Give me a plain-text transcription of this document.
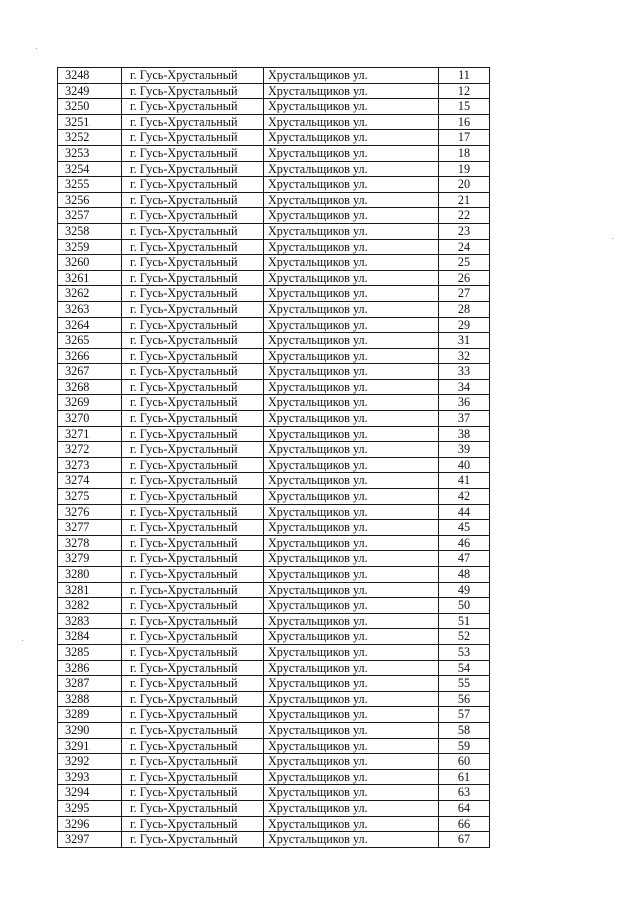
3248	г. Гусь-Хрустальный	Хрустальщиков ул.	11
3249	г. Гусь-Хрустальный	Хрустальщиков ул.	12
3250	г. Гусь-Хрустальный	Хрустальщиков ул.	15
3251	г. Гусь-Хрустальный	Хрустальщиков ул.	16
3252	г. Гусь-Хрустальный	Хрустальщиков ул.	17
3253	г. Гусь-Хрустальный	Хрустальщиков ул.	18
3254	г. Гусь-Хрустальный	Хрустальщиков ул.	19
3255	г. Гусь-Хрустальный	Хрустальщиков ул.	20
3256	г. Гусь-Хрустальный	Хрустальщиков ул.	21
3257	г. Гусь-Хрустальный	Хрустальщиков ул.	22
3258	г. Гусь-Хрустальный	Хрустальщиков ул.	23
3259	г. Гусь-Хрустальный	Хрустальщиков ул.	24
3260	г. Гусь-Хрустальный	Хрустальщиков ул.	25
3261	г. Гусь-Хрустальный	Хрустальщиков ул.	26
3262	г. Гусь-Хрустальный	Хрустальщиков ул.	27
3263	г. Гусь-Хрустальный	Хрустальщиков ул.	28
3264	г. Гусь-Хрустальный	Хрустальщиков ул.	29
3265	г. Гусь-Хрустальный	Хрустальщиков ул.	31
3266	г. Гусь-Хрустальный	Хрустальщиков ул.	32
3267	г. Гусь-Хрустальный	Хрустальщиков ул.	33
3268	г. Гусь-Хрустальный	Хрустальщиков ул.	34
3269	г. Гусь-Хрустальный	Хрустальщиков ул.	36
3270	г. Гусь-Хрустальный	Хрустальщиков ул.	37
3271	г. Гусь-Хрустальный	Хрустальщиков ул.	38
3272	г. Гусь-Хрустальный	Хрустальщиков ул.	39
3273	г. Гусь-Хрустальный	Хрустальщиков ул.	40
3274	г. Гусь-Хрустальный	Хрустальщиков ул.	41
3275	г. Гусь-Хрустальный	Хрустальщиков ул.	42
3276	г. Гусь-Хрустальный	Хрустальщиков ул.	44
3277	г. Гусь-Хрустальный	Хрустальщиков ул.	45
3278	г. Гусь-Хрустальный	Хрустальщиков ул.	46
3279	г. Гусь-Хрустальный	Хрустальщиков ул.	47
3280	г. Гусь-Хрустальный	Хрустальщиков ул.	48
3281	г. Гусь-Хрустальный	Хрустальщиков ул.	49
3282	г. Гусь-Хрустальный	Хрустальщиков ул.	50
3283	г. Гусь-Хрустальный	Хрустальщиков ул.	51
3284	г. Гусь-Хрустальный	Хрустальщиков ул.	52
3285	г. Гусь-Хрустальный	Хрустальщиков ул.	53
3286	г. Гусь-Хрустальный	Хрустальщиков ул.	54
3287	г. Гусь-Хрустальный	Хрустальщиков ул.	55
3288	г. Гусь-Хрустальный	Хрустальщиков ул.	56
3289	г. Гусь-Хрустальный	Хрустальщиков ул.	57
3290	г. Гусь-Хрустальный	Хрустальщиков ул.	58
3291	г. Гусь-Хрустальный	Хрустальщиков ул.	59
3292	г. Гусь-Хрустальный	Хрустальщиков ул.	60
3293	г. Гусь-Хрустальный	Хрустальщиков ул.	61
3294	г. Гусь-Хрустальный	Хрустальщиков ул.	63
3295	г. Гусь-Хрустальный	Хрустальщиков ул.	64
3296	г. Гусь-Хрустальный	Хрустальщиков ул.	66
3297	г. Гусь-Хрустальный	Хрустальщиков ул.	67
